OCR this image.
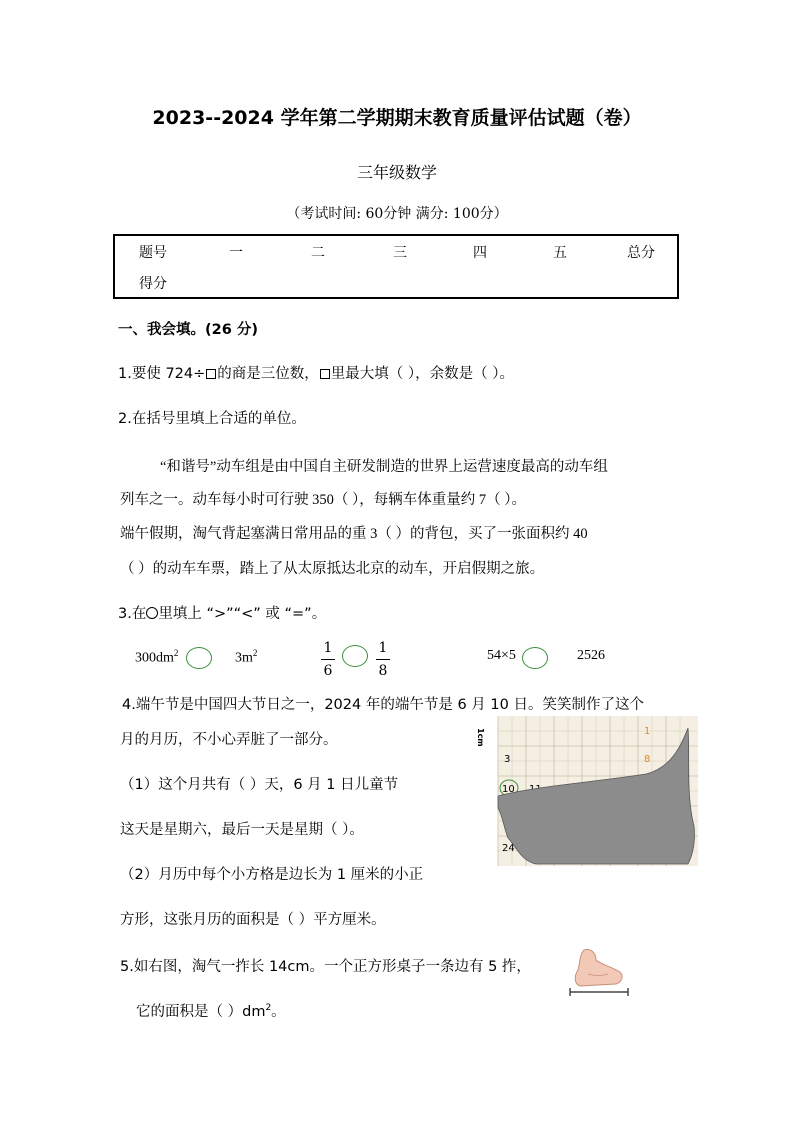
2023--2024 学年第二学期期末教育质量评估试题（卷）
三年级数学
（考试时间: 60分钟 满分: 100分）
题号	一	二	三	四	五	总分
得分
一、我会填。(26 分)
1.要使 724÷ 的商是三位数， 里最大填（ ），余数是（ ）。
2.在括号里填上合适的单位。
“和谐号”动车组是由中国自主研发制造的世界上运营速度最高的动车组
列车之一。动车每小时可行驶 350（ ），每辆车体重量约 7（ ）。
端午假期，淘气背起塞满日常用品的重 3（ ）的背包，买了一张面积约 40
（ ）的动车车票，踏上了从太原抵达北京的动车，开启假期之旅。
3.在 里填上 “>”“<” 或 “=”。
$300dm^2$	$3m^2$	1
6
1
8
54×5	2526
4.端午节是中国四大节日之一，2024 年的端午节是 6 月 10 日。笑笑制作了这个
月的月历，不小心弄脏了一部分。
（1）这个月共有（ ）天，6 月 1 日儿童节
这天是星期六，最后一天是星期（ ）。
（2）月历中每个小方格是边长为 1 厘米的小正
方形，这张月历的面积是（ ）平方厘米。
1cm	1
3	8
10
24
5.如右图，淘气一拃长 14cm。一个正方形桌子一条边有 5 拃，
它的面积是（ ）$dm^2$。
